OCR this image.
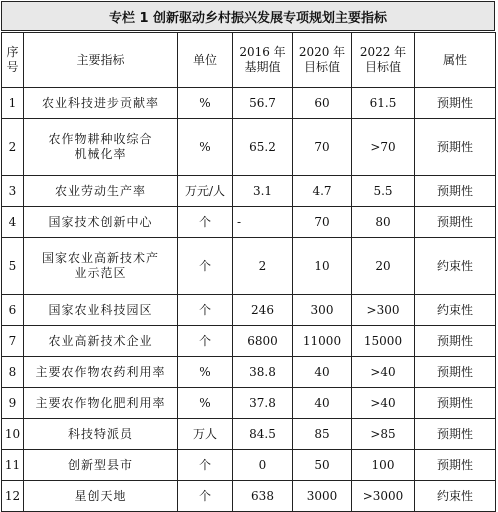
专栏 1 创新驱动乡村振兴发展专项规划主要指标
序号	主要指标	单位	2016 年基期值	2020 年目标值	2022 年目标值	属性
1	农业科技进步贡献率	%	56.7	60	61.5	预期性
2	农作物耕种收综合机械化率	%	65.2	70	>70	预期性
3	农业劳动生产率	万元/人	3.1	4.7	5.5	预期性
4	国家技术创新中心	个	-	70	80	预期性
5	国家农业高新技术产业示范区	个	2	10	20	约束性
6	国家农业科技园区	个	246	300	>300	约束性
7	农业高新技术企业	个	6800	11000	15000	预期性
8	主要农作物农药利用率	%	38.8	40	>40	预期性
9	主要农作物化肥利用率	%	37.8	40	>40	预期性
10	科技特派员	万人	84.5	85	>85	预期性
11	创新型县市	个	0	50	100	预期性
12	星创天地	个	638	3000	>3000	约束性
